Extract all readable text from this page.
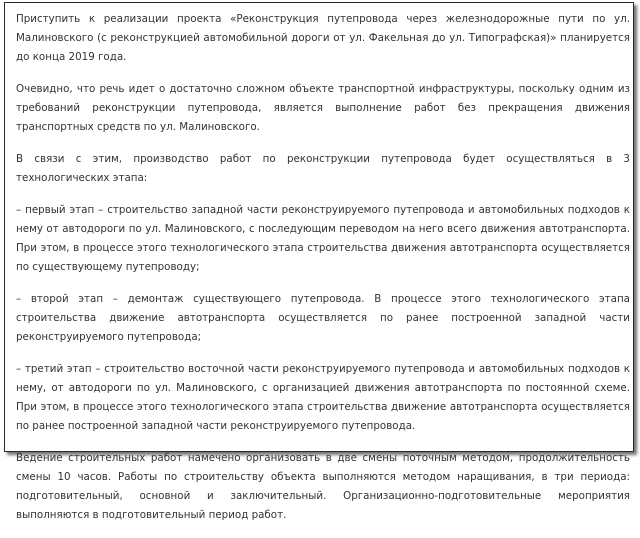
Приступить к реализации проекта «Реконструкция путепровода через железнодорожные пути по ул. Малиновского (с реконструкцией автомобильной дороги от ул. Факельная до ул. Типографская)» планируется до конца 2019 года.

Очевидно, что речь идет о достаточно сложном объекте транспортной инфраструктуры, поскольку одним из требований реконструкции путепровода, является выполнение работ без прекращения движения транспортных средств по ул. Малиновского.

В связи с этим, производство работ по реконструкции путепровода будет осуществляться в 3 технологических этапа:

– первый этап – строительство западной части реконструируемого путепровода и автомобильных подходов к нему от автодороги по ул. Малиновского, с последующим переводом на него всего движения автотранспорта. При этом, в процессе этого технологического этапа строительства движения автотранспорта осуществляется по существующему путепроводу;

– второй этап – демонтаж существующего путепровода. В процессе этого технологического этапа строительства движение автотранспорта осуществляется по ранее построенной западной части реконструируемого путепровода;

– третий этап – строительство восточной части реконструируемого путепровода и автомобильных подходов к нему, от автодороги по ул. Малиновского, с организацией движения автотранспорта по постоянной схеме. При этом, в процессе этого технологического этапа строительства движение автотранспорта осуществляется по ранее построенной западной части реконструируемого путепровода.

Ведение строительных работ намечено организовать в две смены поточным методом, продолжительность смены 10 часов. Работы по строительству объекта выполняются методом наращивания, в три периода: подготовительный, основной и заключительный. Организационно-подготовительные мероприятия выполняются в подготовительный период работ.
